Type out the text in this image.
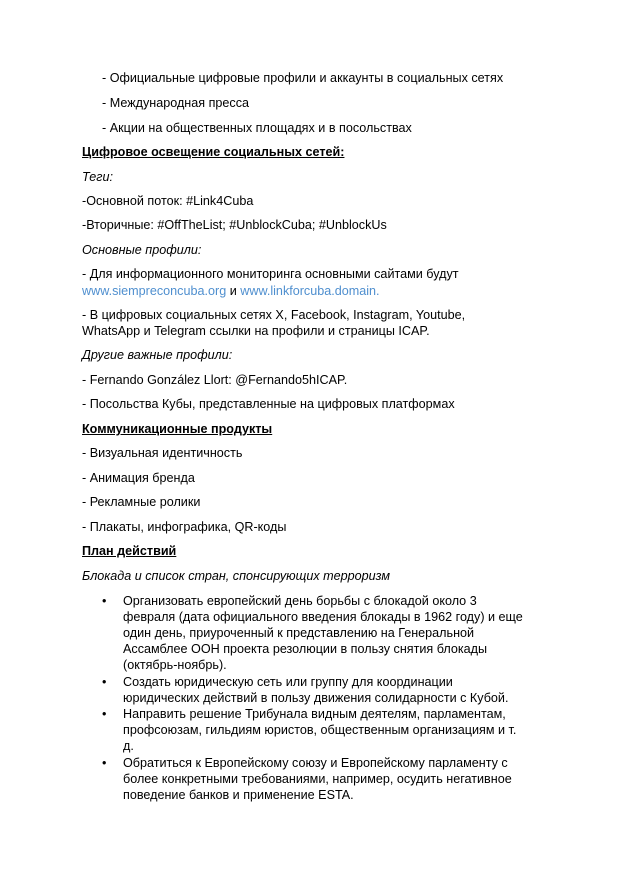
- Официальные цифровые профили и аккаунты в социальных сетях
- Международная пресса
- Акции на общественных площадях и в посольствах
Цифровое освещение социальных сетей:
Теги:
-Основной поток: #Link4Cuba
-Вторичные: #OffTheList; #UnblockCuba; #UnblockUs
Основные профили:
- Для информационного мониторинга основными сайтами будут
www.siempreconcuba.org и www.linkforcuba.domain.
- В цифровых социальных сетях X, Facebook, Instagram, Youtube,
WhatsApp и Telegram ссылки на профили и страницы ICAP.
Другие важные профили:
- Fernando González Llort: @Fernando5hICAP.
- Посольства Кубы, представленные на цифровых платформах
Коммуникационные продукты
- Визуальная идентичность
- Анимация бренда
- Рекламные ролики
- Плакаты, инфографика, QR-коды
План действий
Блокада и список стран, спонсирующих терроризм
• Организовать европейский день борьбы с блокадой около 3 февраля (дата официального введения блокады в 1962 году) и еще один день, приуроченный к представлению на Генеральной Ассамблее ООН проекта резолюции в пользу снятия блокады (октябрь-ноябрь).
• Создать юридическую сеть или группу для координации юридических действий в пользу движения солидарности с Кубой.
• Направить решение Трибунала видным деятелям, парламентам, профсоюзам, гильдиям юристов, общественным организациям и т. д.
• Обратиться к Европейскому союзу и Европейскому парламенту с более конкретными требованиями, например, осудить негативное поведение банков и применение ESTA.
